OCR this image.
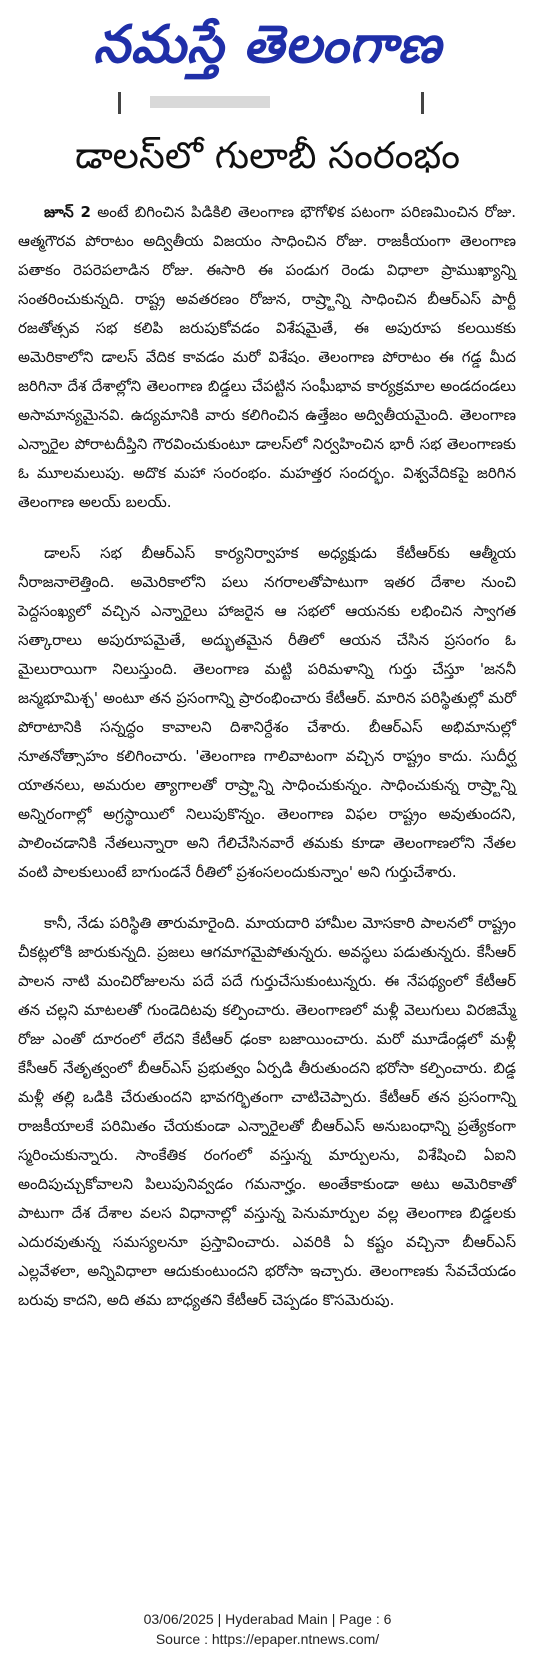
నమస్తే తెలంగాణ
డాలస్‌లో గులాబీ సంరంభం

జూన్ 2 అంటే బిగించిన పిడికిలి తెలంగాణ భౌగోళిక పటంగా పరిణమించిన రోజు. ఆత్మగౌరవ పోరాటం అద్వితీయ విజయం సాధించిన రోజు. రాజకీయంగా తెలంగాణ పతాకం రెపరెపలాడిన రోజు. ఈసారి ఈ పండుగ రెండు విధాలా ప్రాముఖ్యాన్ని సంతరించుకున్నది. రాష్ట్ర అవతరణం రోజున, రాష్ర్టాన్ని సాధించిన బీఆర్‌ఎస్ పార్టీ రజతోత్సవ సభ కలిపి జరుపుకోవడం విశేషమైతే, ఈ అపురూప కలయికకు అమెరికాలోని డాలస్ వేదిక కావడం మరో విశేషం. తెలంగాణ పోరాటం ఈ గడ్డ మీద జరిగినా దేశ దేశాల్లోని తెలంగాణ బిడ్డలు చేపట్టిన సంఘీభావ కార్యక్రమాల అండదండలు అసామాన్యమైనవి. ఉద్యమానికి వారు కలిగించిన ఉత్తేజం అద్వితీయమైంది. తెలంగాణ ఎన్నారైల పోరాటదీప్తిని గౌరవించుకుంటూ డాలస్‌లో నిర్వహించిన భారీ సభ తెలంగాణకు ఓ మూలమలుపు. అదొక మహా సంరంభం. మహత్తర సందర్భం. విశ్వవేదికపై జరిగిన తెలంగాణ అలయ్ బలయ్.

డాలస్ సభ బీఆర్‌ఎస్ కార్యనిర్వాహక అధ్యక్షుడు కేటీఆర్‌కు ఆత్మీయ నీరాజనాలెత్తింది. అమెరికాలోని పలు నగరాలతోపాటుగా ఇతర దేశాల నుంచి పెద్దసంఖ్యలో వచ్చిన ఎన్నారైలు హాజరైన ఆ సభలో ఆయనకు లభించిన స్వాగత సత్కారాలు అపురూపమైతే, అద్భుతమైన రీతిలో ఆయన చేసిన ప్రసంగం ఓ మైలురాయిగా నిలుస్తుంది. తెలంగాణ మట్టి పరిమళాన్ని గుర్తు చేస్తూ 'జననీ జన్మభూమిశ్చ' అంటూ తన ప్రసంగాన్ని ప్రారంభించారు కేటీఆర్. మారిన పరిస్థితుల్లో మరో పోరాటానికి సన్నద్ధం కావాలని దిశానిర్దేశం చేశారు. బీఆర్‌ఎస్ అభిమానుల్లో నూతనోత్సాహం కలిగించారు. 'తెలంగాణ గాలివాటంగా వచ్చిన రాష్ట్రం కాదు. సుదీర్ఘ యాతనలు, అమరుల త్యాగాలతో రాష్ర్టాన్ని సాధించుకున్నం. సాధించుకున్న రాష్ర్టాన్ని అన్నిరంగాల్లో అగ్రస్థాయిలో నిలుపుకొన్నం. తెలంగాణ విఫల రాష్ట్రం అవుతుందని, పాలించడానికి నేతలున్నారా అని గేలిచేసినవారే తమకు కూడా తెలంగాణలోని నేతల వంటి పాలకులుంటే బాగుండనే రీతిలో ప్రశంసలందుకున్నాం' అని గుర్తుచేశారు.

కానీ, నేడు పరిస్థితి తారుమారైంది. మాయదారి హామీల మోసకారి పాలనలో రాష్ట్రం చీకట్లలోకి జారుకున్నది. ప్రజలు ఆగమాగమైపోతున్నరు. అవస్థలు పడుతున్నరు. కేసీఆర్ పాలన నాటి మంచిరోజులను పదే పదే గుర్తుచేసుకుంటున్నరు. ఈ నేపథ్యంలో కేటీఆర్ తన చల్లని మాటలతో గుండెదిటవు కల్పించారు. తెలంగాణలో మళ్లీ వెలుగులు విరజిమ్మే రోజు ఎంతో దూరంలో లేదని కేటీఆర్ ఢంకా బజాయించారు. మరో మూడేండ్లలో మళ్లీ కేసీఆర్ నేతృత్వంలో బీఆర్‌ఎస్ ప్రభుత్వం ఏర్పడి తీరుతుందని భరోసా కల్పించారు. బిడ్డ మళ్లీ తల్లి ఒడికి చేరుతుందని భావగర్భితంగా చాటిచెప్పారు. కేటీఆర్ తన ప్రసంగాన్ని రాజకీయాలకే పరిమితం చేయకుండా ఎన్నారైలతో బీఆర్‌ఎస్ అనుబంధాన్ని ప్రత్యేకంగా స్మరించుకున్నారు. సాంకేతిక రంగంలో వస్తున్న మార్పులను, విశేషించి ఏఐని అందిపుచ్చుకోవాలని పిలుపునివ్వడం గమనార్హం. అంతేకాకుండా అటు అమెరికాతో పాటుగా దేశ దేశాల వలస విధానాల్లో వస్తున్న పెనుమార్పుల వల్ల తెలంగాణ బిడ్డలకు ఎదురవుతున్న సమస్యలనూ ప్రస్తావించారు. ఎవరికి ఏ కష్టం వచ్చినా బీఆర్‌ఎస్ ఎల్లవేళలా, అన్నివిధాలా ఆదుకుంటుందని భరోసా ఇచ్చారు. తెలంగాణకు సేవచేయడం బరువు కాదని, అది తమ బాధ్యతని కేటీఆర్ చెప్పడం కొసమెరుపు.

03/06/2025 | Hyderabad Main | Page : 6
Source : https://epaper.ntnews.com/
